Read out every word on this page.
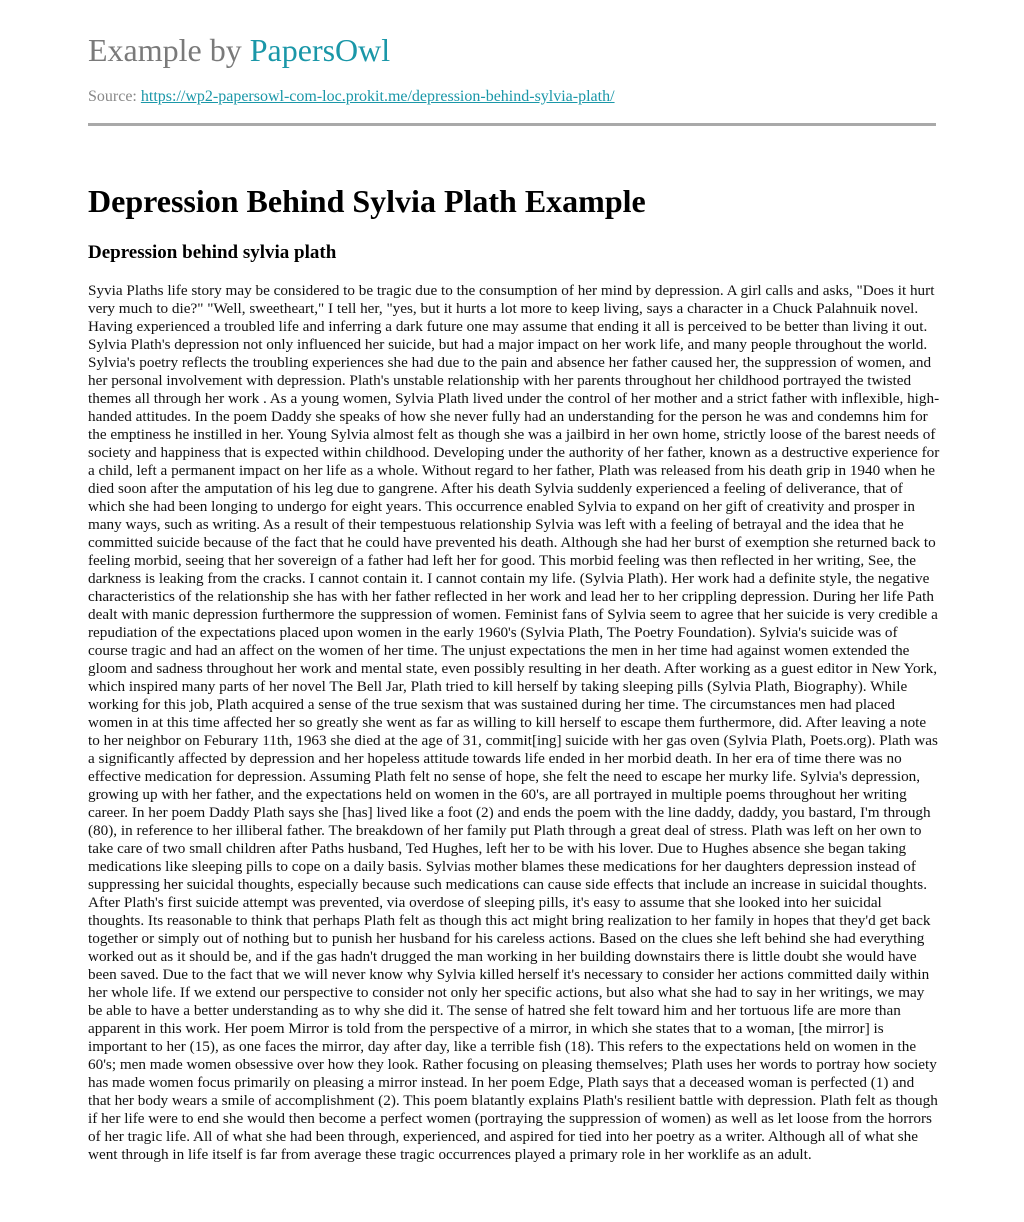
Example by PapersOwl
Source: https://wp2-papersowl-com-loc.prokit.me/depression-behind-sylvia-plath/
Depression Behind Sylvia Plath Example
Depression behind sylvia plath

Syvia Plaths life story may be considered to be tragic due to the consumption of her mind by depression. A girl calls and asks, "Does it hurt very much to die?" "Well, sweetheart," I tell her, "yes, but it hurts a lot more to keep living, says a character in a Chuck Palahnuik novel. Having experienced a troubled life and inferring a dark future one may assume that ending it all is perceived to be better than living it out. Sylvia Plath's depression not only influenced her suicide, but had a major impact on her work life, and many people throughout the world. Sylvia's poetry reflects the troubling experiences she had due to the pain and absence her father caused her, the suppression of women, and her personal involvement with depression. Plath's unstable relationship with her parents throughout her childhood portrayed the twisted themes all through her work . As a young women, Sylvia Plath lived under the control of her mother and a strict father with inflexible, high-handed attitudes. In the poem Daddy she speaks of how she never fully had an understanding for the person he was and condemns him for the emptiness he instilled in her. Young Sylvia almost felt as though she was a jailbird in her own home, strictly loose of the barest needs of society and happiness that is expected within childhood. Developing under the authority of her father, known as a destructive experience for a child, left a permanent impact on her life as a whole. Without regard to her father, Plath was released from his death grip in 1940 when he died soon after the amputation of his leg due to gangrene. After his death Sylvia suddenly experienced a feeling of deliverance, that of which she had been longing to undergo for eight years. This occurrence enabled Sylvia to expand on her gift of creativity and prosper in many ways, such as writing. As a result of their tempestuous relationship Sylvia was left with a feeling of betrayal and the idea that he committed suicide because of the fact that he could have prevented his death. Although she had her burst of exemption she returned back to feeling morbid, seeing that her sovereign of a father had left her for good. This morbid feeling was then reflected in her writing, See, the darkness is leaking from the cracks. I cannot contain it. I cannot contain my life. (Sylvia Plath). Her work had a definite style, the negative characteristics of the relationship she has with her father reflected in her work and lead her to her crippling depression. During her life Path dealt with manic depression furthermore the suppression of women. Feminist fans of Sylvia seem to agree that her suicide is very credible a repudiation of the expectations placed upon women in the early 1960's (Sylvia Plath, The Poetry Foundation). Sylvia's suicide was of course tragic and had an affect on the women of her time. The unjust expectations the men in her time had against women extended the gloom and sadness throughout her work and mental state, even possibly resulting in her death. After working as a guest editor in New York, which inspired many parts of her novel The Bell Jar, Plath tried to kill herself by taking sleeping pills (Sylvia Plath, Biography). While working for this job, Plath acquired a sense of the true sexism that was sustained during her time. The circumstances men had placed women in at this time affected her so greatly she went as far as willing to kill herself to escape them furthermore, did. After leaving a note to her neighbor on Feburary 11th, 1963 she died at the age of 31, commit[ing] suicide with her gas oven (Sylvia Plath, Poets.org). Plath was a significantly affected by depression and her hopeless attitude towards life ended in her morbid death. In her era of time there was no effective medication for depression. Assuming Plath felt no sense of hope, she felt the need to escape her murky life. Sylvia's depression, growing up with her father, and the expectations held on women in the 60's, are all portrayed in multiple poems throughout her writing career. In her poem Daddy Plath says she [has] lived like a foot (2) and ends the poem with the line daddy, daddy, you bastard, I'm through (80), in reference to her illiberal father. The breakdown of her family put Plath through a great deal of stress. Plath was left on her own to take care of two small children after Paths husband, Ted Hughes, left her to be with his lover. Due to Hughes absence she began taking medications like sleeping pills to cope on a daily basis. Sylvias mother blames these medications for her daughters depression instead of suppressing her suicidal thoughts, especially because such medications can cause side effects that include an increase in suicidal thoughts. After Plath's first suicide attempt was prevented, via overdose of sleeping pills, it's easy to assume that she looked into her suicidal thoughts. Its reasonable to think that perhaps Plath felt as though this act might bring realization to her family in hopes that they'd get back together or simply out of nothing but to punish her husband for his careless actions. Based on the clues she left behind she had everything worked out as it should be, and if the gas hadn't drugged the man working in her building downstairs there is little doubt she would have been saved. Due to the fact that we will never know why Sylvia killed herself it's necessary to consider her actions committed daily within her whole life. If we extend our perspective to consider not only her specific actions, but also what she had to say in her writings, we may be able to have a better understanding as to why she did it. The sense of hatred she felt toward him and her tortuous life are more than apparent in this work. Her poem Mirror is told from the perspective of a mirror, in which she states that to a woman, [the mirror] is important to her (15), as one faces the mirror, day after day, like a terrible fish (18). This refers to the expectations held on women in the 60's; men made women obsessive over how they look. Rather focusing on pleasing themselves; Plath uses her words to portray how society has made women focus primarily on pleasing a mirror instead. In her poem Edge, Plath says that a deceased woman is perfected (1) and that her body wears a smile of accomplishment (2). This poem blatantly explains Plath's resilient battle with depression. Plath felt as though if her life were to end she would then become a perfect women (portraying the suppression of women) as well as let loose from the horrors of her tragic life. All of what she had been through, experienced, and aspired for tied into her poetry as a writer. Although all of what she went through in life itself is far from average these tragic occurrences played a primary role in her worklife as an adult.
